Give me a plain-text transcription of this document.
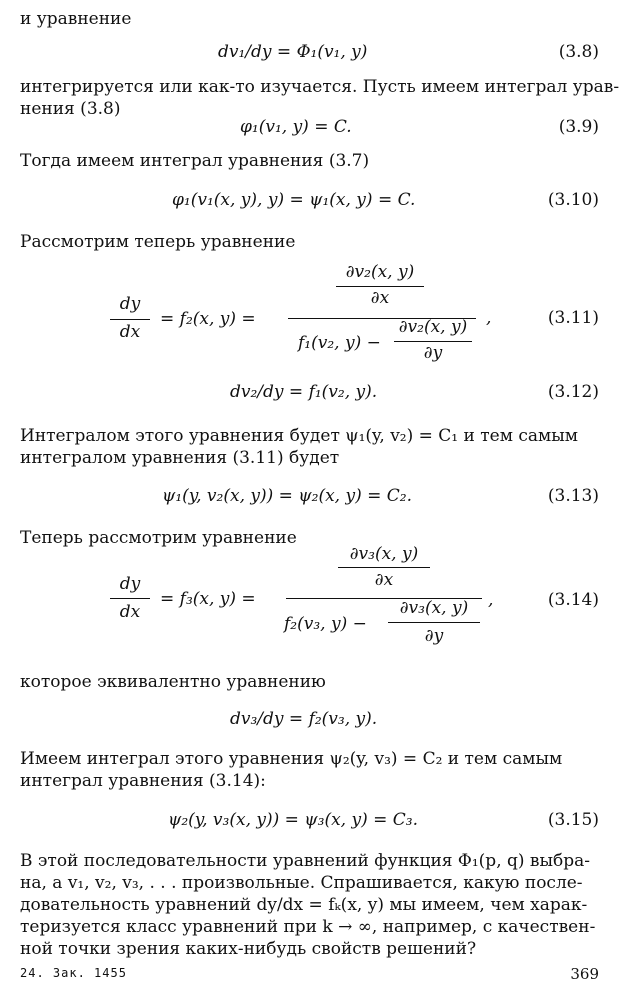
и уравнение
dv₁/dy = Φ₁(v₁, y)	(3.8)
интегрируется или как-то изучается. Пусть имеем интеграл урав-
нения (3.8)
φ₁(v₁, y) = C.	(3.9)
Тогда имеем интеграл уравнения (3.7)
φ₁(v₁(x, y), y) = ψ₁(x, y) = C.	(3.10)
Рассмотрим теперь уравнение
dy
dx
= f₂(x, y) =
∂v₂(x, y)
∂x
f₁(v₂, y) −
∂v₂(x, y)
∂y
,	(3.11)
dv₂/dy = f₁(v₂, y).	(3.12)
Интегралом этого уравнения будет ψ₁(y, v₂) = C₁ и тем самым
интегралом уравнения (3.11) будет
ψ₁(y, v₂(x, y)) = ψ₂(x, y) = C₂.	(3.13)
Теперь рассмотрим уравнение
dy
dx
= f₃(x, y) =
∂v₃(x, y)
∂x
f₂(v₃, y) −
∂v₃(x, y)
∂y
,	(3.14)
которое эквивалентно уравнению
dv₃/dy = f₂(v₃, y).
Имеем интеграл этого уравнения ψ₂(y, v₃) = C₂ и тем самым
интеграл уравнения (3.14):
ψ₂(y, v₃(x, y)) = ψ₃(x, y) = C₃.	(3.15)
В этой последовательности уравнений функция Φ₁(p, q) выбра-
на, а v₁, v₂, v₃, . . . произвольные. Спрашивается, какую после-
довательность уравнений dy/dx = fₖ(x, y) мы имеем, чем харак-
теризуется класс уравнений при k → ∞, например, с качествен-
ной точки зрения каких-нибудь свойств решений?
24. Зак. 1455	369
